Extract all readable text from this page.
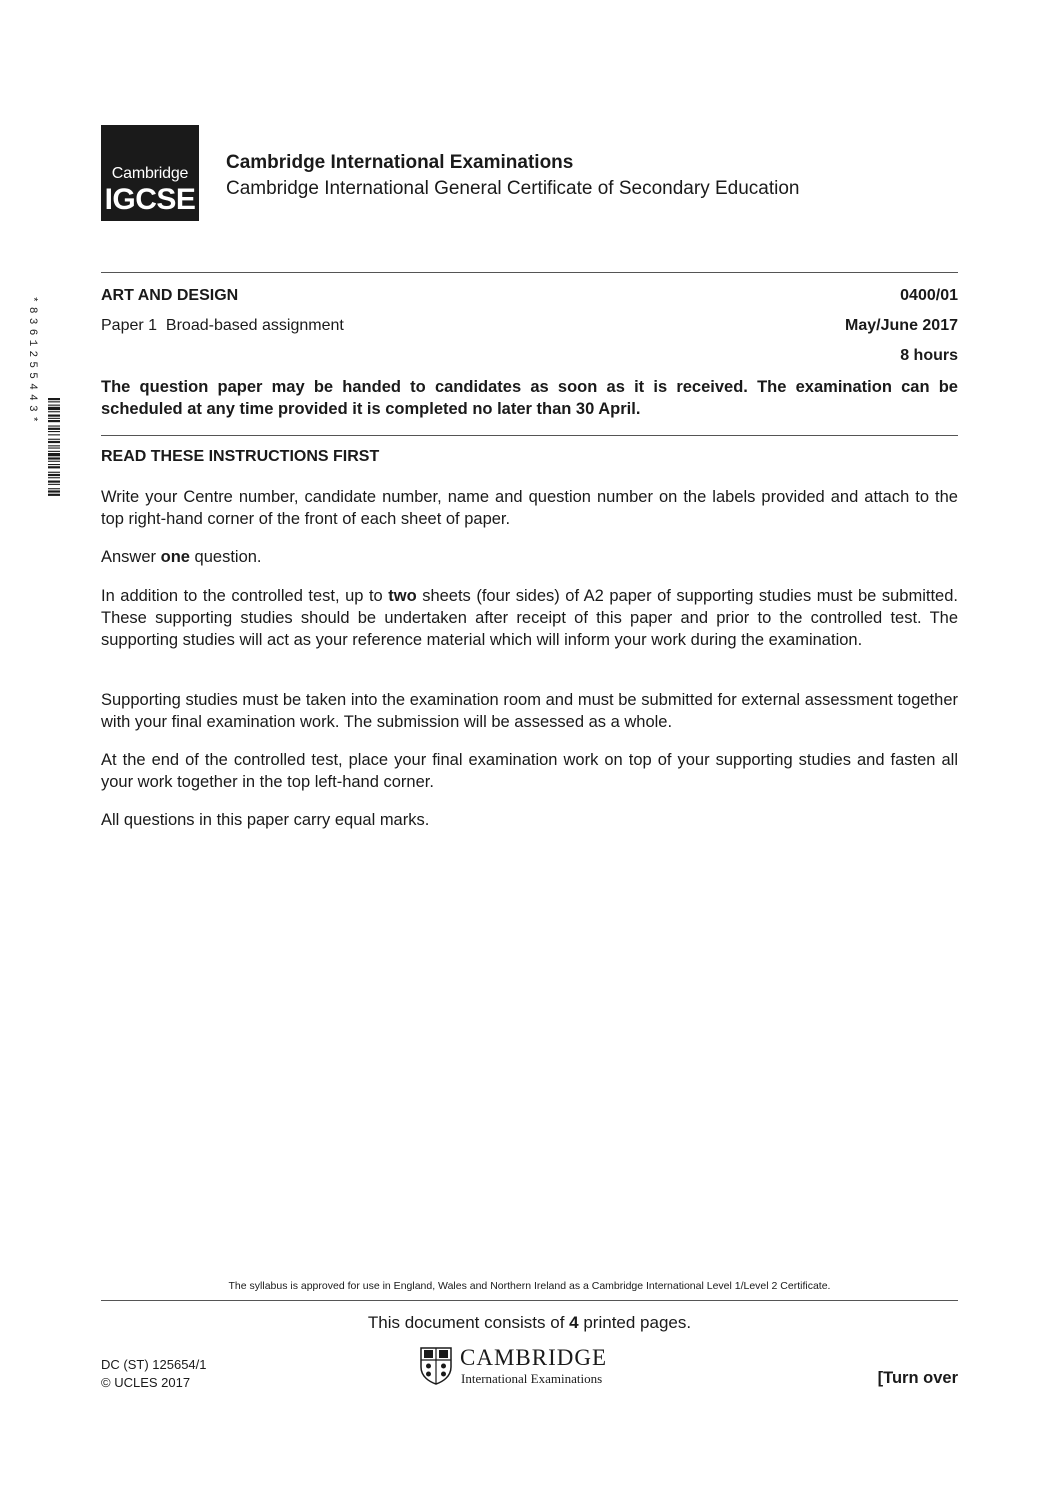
Cambridge
IGCSE
Cambridge International Examinations
Cambridge International General Certificate of Secondary Education
ART AND DESIGN	0400/01
Paper 1  Broad-based assignment	May/June 2017
8 hours
The question paper may be handed to candidates as soon as it is received. The examination can be scheduled at any time provided it is completed no later than 30 April.
*8361255443*
READ THESE INSTRUCTIONS FIRST
Write your Centre number, candidate number, name and question number on the labels provided and attach to the top right-hand corner of the front of each sheet of paper.
Answer one question.
In addition to the controlled test, up to two sheets (four sides) of A2 paper of supporting studies must be submitted. These supporting studies should be undertaken after receipt of this paper and prior to the controlled test. The supporting studies will act as your reference material which will inform your work during the examination.
Supporting studies must be taken into the examination room and must be submitted for external assessment together with your final examination work. The submission will be assessed as a whole.
At the end of the controlled test, place your final examination work on top of your supporting studies and fasten all your work together in the top left-hand corner.
All questions in this paper carry equal marks.
The syllabus is approved for use in England, Wales and Northern Ireland as a Cambridge International Level 1/Level 2 Certificate.
This document consists of 4 printed pages.
DC (ST) 125654/1
© UCLES 2017
CAMBRIDGE
International Examinations	[Turn over
